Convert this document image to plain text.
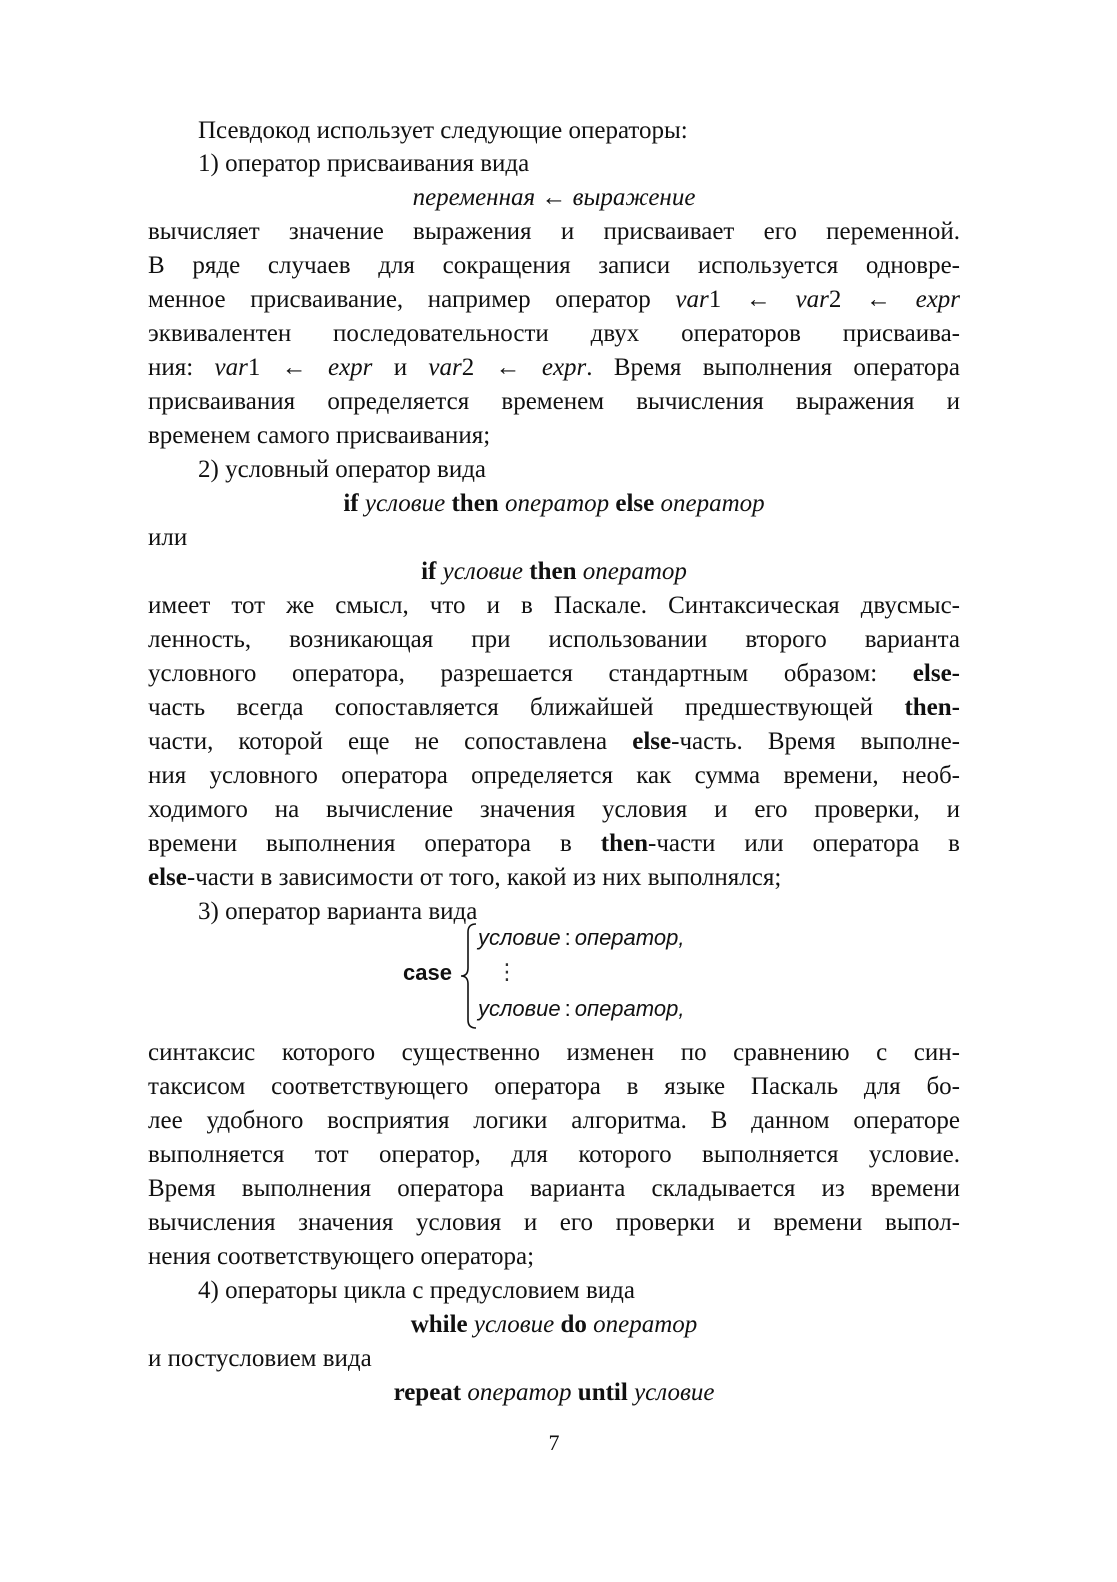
Псевдокод использует следующие операторы:
1) оператор присваивания вида
переменная ← выражение
вычисляет значение выражения и присваивает его переменной.
В ряде случаев для сокращения записи используется одновре-
менное присваивание, например оператор var1 ← var2 ← expr
эквивалентен последовательности двух операторов присваива-
ния: var1 ← expr и var2 ← expr. Время выполнения оператора
присваивания определяется временем вычисления выражения и
временем самого присваивания;
2) условный оператор вида
if условие then оператор else оператор
или
if условие then оператор
имеет тот же смысл, что и в Паскале. Синтаксическая двусмыс-
ленность, возникающая при использовании второго варианта
условного оператора, разрешается стандартным образом: else-
часть всегда сопоставляется ближайшей предшествующей then-
части, которой еще не сопоставлена else-часть. Время выполне-
ния условного оператора определяется как сумма времени, необ-
ходимого на вычисление значения условия и его проверки, и
времени выполнения оператора в then-части или оператора в
else-части в зависимости от того, какой из них выполнялся;
3) оператор варианта вида
case
условие : оператор,
⋮
условие : оператор,
синтаксис которого существенно изменен по сравнению с син-
таксисом соответствующего оператора в языке Паскаль для бо-
лее удобного восприятия логики алгоритма. В данном операторе
выполняется тот оператор, для которого выполняется условие.
Время выполнения оператора варианта складывается из времени
вычисления значения условия и его проверки и времени выпол-
нения соответствующего оператора;
4) операторы цикла с предусловием вида
while условие do оператор
и постусловием вида
repeat оператор until условие
7
